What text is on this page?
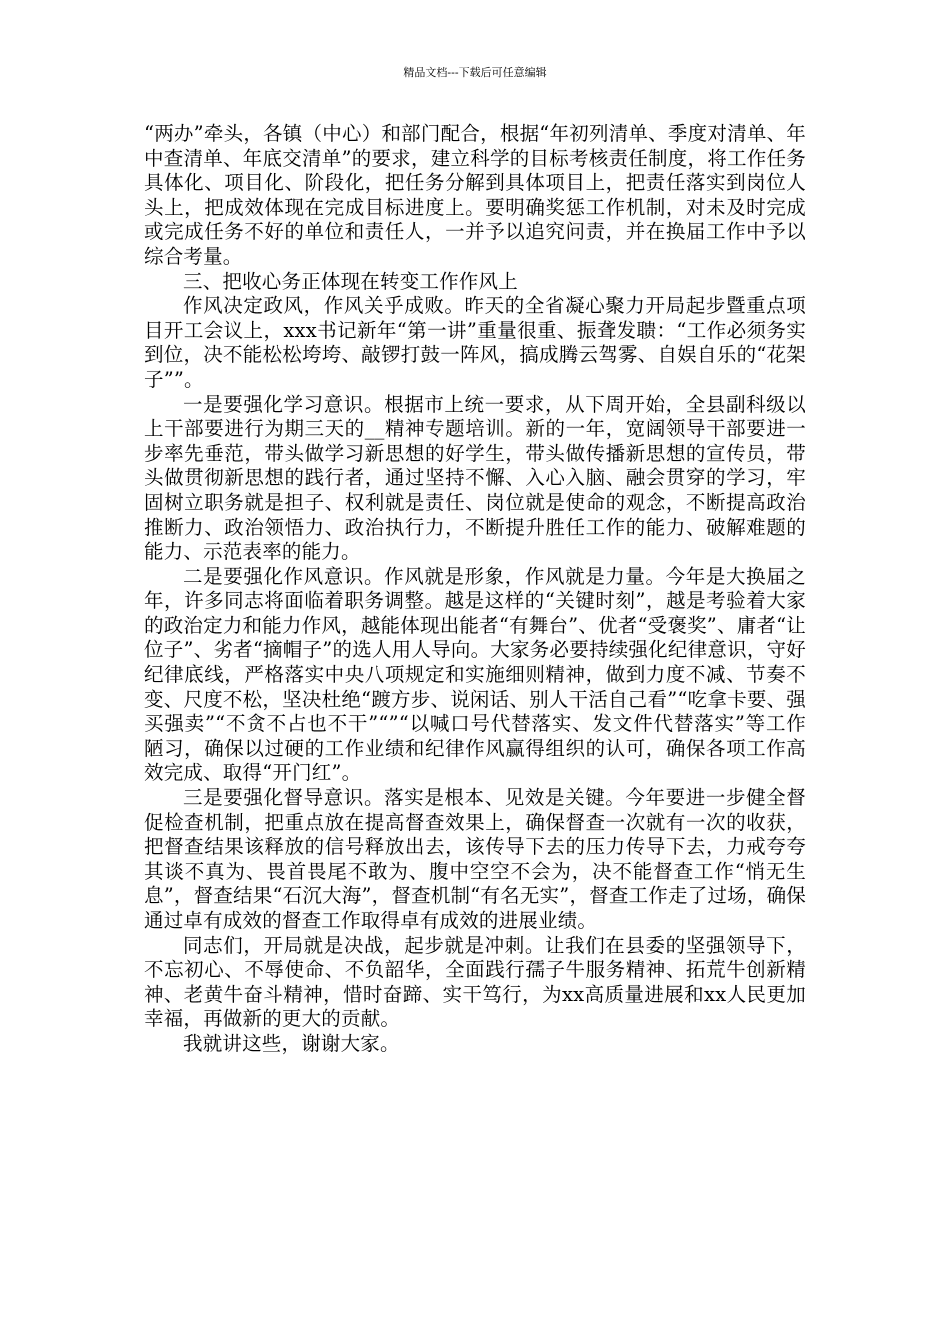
精品文档---下载后可任意编辑

“两办”牵头，各镇（中心）和部门配合，根据“年初列清单、季度对清单、年中查清单、年底交清单”的要求，建立科学的目标考核责任制度，将工作任务具体化、项目化、阶段化，把任务分解到具体项目上，把责任落实到岗位人头上，把成效体现在完成目标进度上。要明确奖惩工作机制，对未及时完成或完成任务不好的单位和责任人，一并予以追究问责，并在换届工作中予以综合考量。

三、把收心务正体现在转变工作作风上

作风决定政风，作风关乎成败。昨天的全省凝心聚力开局起步暨重点项目开工会议上，xxx书记新年“第一讲”重量很重、振聋发聩：“工作必须务实到位，决不能松松垮垮、敲锣打鼓一阵风，搞成腾云驾雾、自娱自乐的“花架子””。

一是要强化学习意识。根据市上统一要求，从下周开始，全县副科级以上干部要进行为期三天的__精神专题培训。新的一年，宽阔领导干部要进一步率先垂范，带头做学习新思想的好学生，带头做传播新思想的宣传员，带头做贯彻新思想的践行者，通过坚持不懈、入心入脑、融会贯穿的学习，牢固树立职务就是担子、权利就是责任、岗位就是使命的观念，不断提高政治推断力、政治领悟力、政治执行力，不断提升胜任工作的能力、破解难题的能力、示范表率的能力。

二是要强化作风意识。作风就是形象，作风就是力量。今年是大换届之年，许多同志将面临着职务调整。越是这样的“关键时刻”，越是考验着大家的政治定力和能力作风，越能体现出能者“有舞台”、优者“受褒奖”、庸者“让位子”、劣者“摘帽子”的选人用人导向。大家务必要持续强化纪律意识，守好纪律底线，严格落实中央八项规定和实施细则精神，做到力度不减、节奏不变、尺度不松，坚决杜绝“踱方步、说闲话、别人干活自己看”“吃拿卡要、强买强卖”“不贪不占也不干”“”“以喊口号代替落实、发文件代替落实”等工作陋习，确保以过硬的工作业绩和纪律作风赢得组织的认可，确保各项工作高效完成、取得“开门红”。

三是要强化督导意识。落实是根本、见效是关键。今年要进一步健全督促检查机制，把重点放在提高督查效果上，确保督查一次就有一次的收获，把督查结果该释放的信号释放出去，该传导下去的压力传导下去，力戒夸夸其谈不真为、畏首畏尾不敢为、腹中空空不会为，决不能督查工作“悄无生息”，督查结果“石沉大海”，督查机制“有名无实”，督查工作走了过场，确保通过卓有成效的督查工作取得卓有成效的进展业绩。

同志们，开局就是决战，起步就是冲刺。让我们在县委的坚强领导下，不忘初心、不辱使命、不负韶华，全面践行孺子牛服务精神、拓荒牛创新精神、老黄牛奋斗精神，惜时奋蹄、实干笃行，为xx高质量进展和xx人民更加幸福，再做新的更大的贡献。

我就讲这些，谢谢大家。
